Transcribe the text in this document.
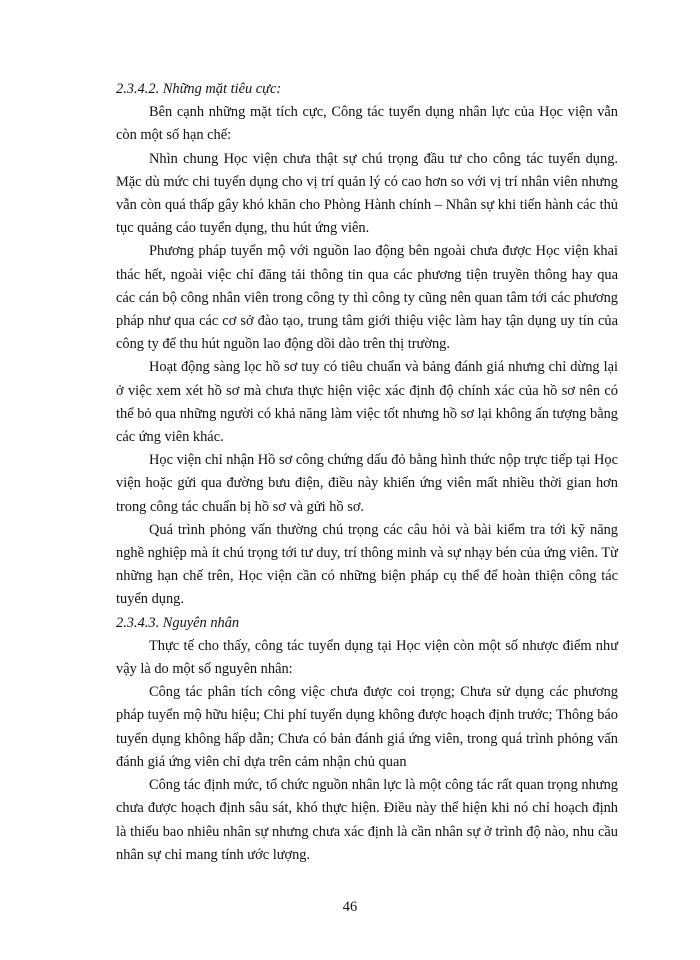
2.3.4.2. Những mặt tiêu cực:

Bên cạnh những mặt tích cực, Công tác tuyển dụng nhân lực của Học viện vẫn còn một số hạn chế:

Nhìn chung Học viện chưa thật sự chú trọng đầu tư cho công tác tuyển dụng. Mặc dù mức chi tuyển dụng cho vị trí quản lý có cao hơn so với vị trí nhân viên nhưng vẫn còn quá thấp gây khó khăn cho Phòng Hành chính – Nhân sự khi tiến hành các thủ tục quảng cáo tuyển dụng, thu hút ứng viên.

Phương pháp tuyển mộ với nguồn lao động bên ngoài chưa được Học viện khai thác hết, ngoài việc chỉ đăng tải thông tin qua các phương tiện truyền thông hay qua các cán bộ công nhân viên trong công ty thì công ty cũng nên quan tâm tới các phương pháp như qua các cơ sở đào tạo, trung tâm giới thiệu việc làm hay tận dụng uy tín của công ty để thu hút nguồn lao động dồi dào trên thị trường.

Hoạt động sàng lọc hồ sơ tuy có tiêu chuẩn và bảng đánh giá nhưng chỉ dừng lại ở việc xem xét hồ sơ mà chưa thực hiện việc xác định độ chính xác của hồ sơ nên có thể bỏ qua những người có khả năng làm việc tốt nhưng hồ sơ lại không ấn tượng bằng các ứng viên khác.

Học viện chỉ nhận Hồ sơ công chứng dấu đỏ bằng hình thức nộp trực tiếp tại Học viện hoặc gửi qua đường bưu điện, điều này khiến ứng viên mất nhiều thời gian hơn trong công tác chuẩn bị hồ sơ và gửi hồ sơ.

Quá trình phỏng vấn thường chú trọng các câu hỏi và bài kiểm tra tới kỹ năng nghề nghiệp mà ít chú trọng tới tư duy, trí thông minh và sự nhạy bén của ứng viên. Từ những hạn chế trên, Học viện cần có những biện pháp cụ thể để hoàn thiện công tác tuyển dụng.

2.3.4.3. Nguyên nhân

Thực tế cho thấy, công tác tuyển dụng tại Học viện còn một số nhược điểm như vậy là do một số nguyên nhân:

Công tác phân tích công việc chưa được coi trọng; Chưa sử dụng các phương pháp tuyển mộ hữu hiệu; Chi phí tuyển dụng không được hoạch định trước; Thông báo tuyển dụng không hấp dẫn; Chưa có bản đánh giá ứng viên, trong quá trình phỏng vấn đánh giá ứng viên chỉ dựa trên cảm nhận chủ quan

Công tác định mức, tổ chức nguồn nhân lực là một công tác rất quan trọng nhưng chưa được hoạch định sâu sát, khó thực hiện. Điều này thể hiện khi nó chỉ hoạch định là thiếu bao nhiêu nhân sự nhưng chưa xác định là cần nhân sự ở trình độ nào, nhu cầu nhân sự chỉ mang tính ước lượng.

46
